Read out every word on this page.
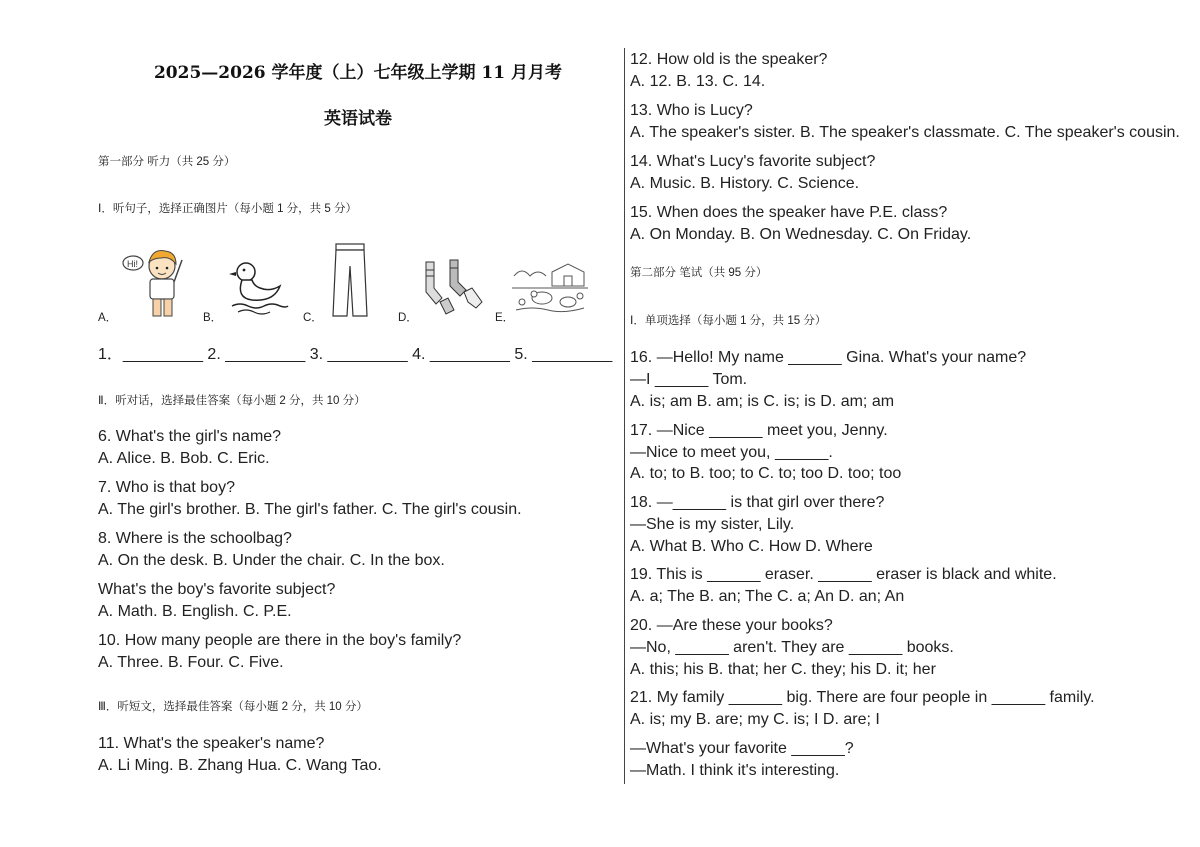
2025—2026 学年度（上）七年级上学期 11 月月考
英语试卷
第一部分 听力（共 25 分）
Ⅰ．听句子，选择正确图片（每小题 1 分，共 5 分）
A．
Hi!
B．	C．	D．	E．
1．_________ 2. _________ 3. _________ 4. _________ 5. _________
Ⅱ．听对话，选择最佳答案（每小题 2 分，共 10 分）
6. What's the girl's name?
A. Alice. B. Bob. C. Eric.
7. Who is that boy?
A. The girl's brother. B. The girl's father. C. The girl's cousin.
8. Where is the schoolbag?
A. On the desk. B. Under the chair. C. In the box.
What's the boy's favorite subject?
A. Math. B. English. C. P.E.
10. How many people are there in the boy's family?
A. Three. B. Four. C. Five.
Ⅲ．听短文，选择最佳答案（每小题 2 分，共 10 分）
11. What's the speaker's name?
A. Li Ming. B. Zhang Hua. C. Wang Tao.
12. How old is the speaker?
A. 12. B. 13. C. 14.
13. Who is Lucy?
A. The speaker's sister. B. The speaker's classmate. C. The speaker's cousin.
14. What's Lucy's favorite subject?
A. Music. B. History. C. Science.
15. When does the speaker have P.E. class?
A. On Monday. B. On Wednesday. C. On Friday.
第二部分 笔试（共 95 分）
Ⅰ．单项选择（每小题 1 分，共 15 分）
16. —Hello! My name ______ Gina. What's your name?
—I ______ Tom.
A. is; am B. am; is C. is; is D. am; am
17. —Nice ______ meet you, Jenny.
—Nice to meet you, ______.
A. to; to B. too; to C. to; too D. too; too
18. —______ is that girl over there?
—She is my sister, Lily.
A. What B. Who C. How D. Where
19. This is ______ eraser. ______ eraser is black and white.
A. a; The B. an; The C. a; An D. an; An
20. —Are these your books?
—No, ______ aren't. They are ______ books.
A. this; his B. that; her C. they; his D. it; her
21. My family ______ big. There are four people in ______ family.
A. is; my B. are; my C. is; I D. are; I
—What's your favorite ______?
—Math. I think it's interesting.
